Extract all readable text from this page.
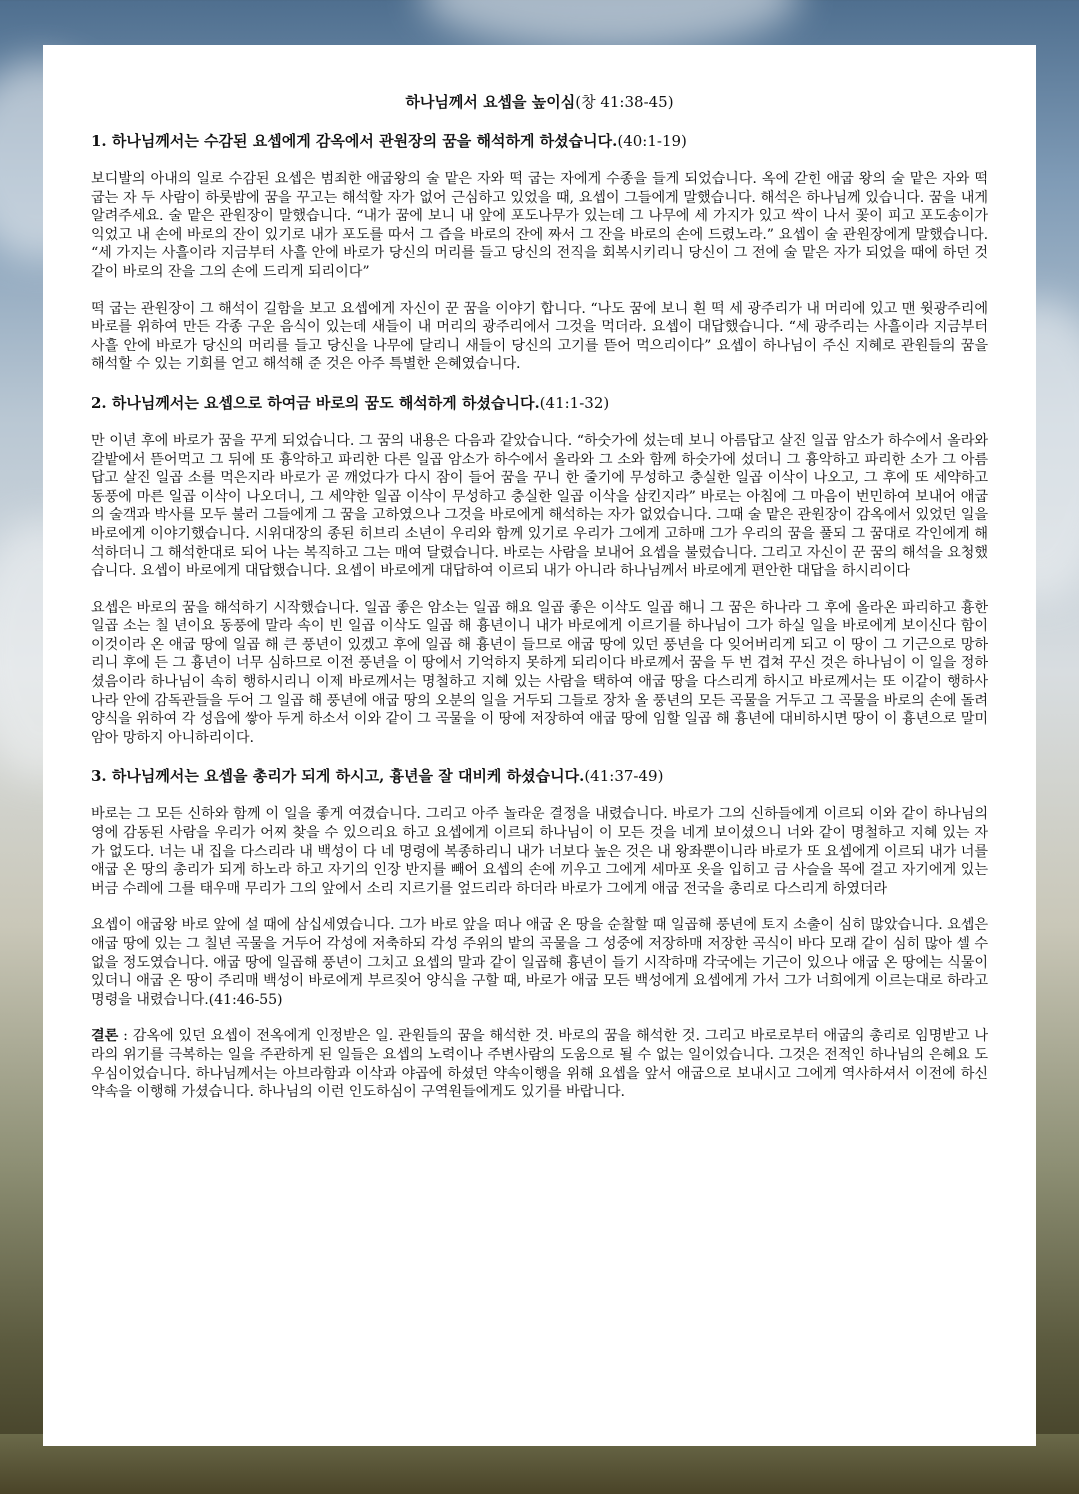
하나님께서 요셉을 높이심(창 41:38-45)
1. 하나님께서는 수감된 요셉에게 감옥에서 관원장의 꿈을 해석하게 하셨습니다.(40:1-19)

보디발의 아내의 일로 수감된 요셉은 범죄한 애굽왕의 술 맡은 자와 떡 굽는 자에게 수종을 들게 되었습니다. 옥에 갇힌 애굽 왕의 술 맡은 자와 떡 굽는 자 두 사람이 하룻밤에 꿈을 꾸고는 해석할 자가 없어 근심하고 있었을 때, 요셉이 그들에게 말했습니다. 해석은 하나님께 있습니다. 꿈을 내게 알려주세요. 술 맡은 관원장이 말했습니다. “내가 꿈에 보니 내 앞에 포도나무가 있는데 그 나무에 세 가지가 있고 싹이 나서 꽃이 피고 포도송이가 익었고 내 손에 바로의 잔이 있기로 내가 포도를 따서 그 즙을 바로의 잔에 짜서 그 잔을 바로의 손에 드렸노라.” 요셉이 술 관원장에게 말했습니다. “세 가지는 사흘이라 지금부터 사흘 안에 바로가 당신의 머리를 들고 당신의 전직을 회복시키리니 당신이 그 전에 술 맡은 자가 되었을 때에 하던 것 같이 바로의 잔을 그의 손에 드리게 되리이다”

떡 굽는 관원장이 그 해석이 길함을 보고 요셉에게 자신이 꾼 꿈을 이야기 합니다. “나도 꿈에 보니 흰 떡 세 광주리가 내 머리에 있고 맨 윗광주리에 바로를 위하여 만든 각종 구운 음식이 있는데 새들이 내 머리의 광주리에서 그것을 먹더라. 요셉이 대답했습니다. “세 광주리는 사흘이라 지금부터 사흘 안에 바로가 당신의 머리를 들고 당신을 나무에 달리니 새들이 당신의 고기를 뜯어 먹으리이다” 요셉이 하나님이 주신 지혜로 관원들의 꿈을 해석할 수 있는 기회를 얻고 해석해 준 것은 아주 특별한 은혜였습니다.

2. 하나님께서는 요셉으로 하여금 바로의 꿈도 해석하게 하셨습니다.(41:1-32)

만 이년 후에 바로가 꿈을 꾸게 되었습니다. 그 꿈의 내용은 다음과 같았습니다. “하숫가에 섰는데 보니 아름답고 살진 일곱 암소가 하수에서 올라와 갈밭에서 뜯어먹고 그 뒤에 또 흉악하고 파리한 다른 일곱 암소가 하수에서 올라와 그 소와 함께 하숫가에 섰더니 그 흉악하고 파리한 소가 그 아름답고 살진 일곱 소를 먹은지라 바로가 곧 깨었다가 다시 잠이 들어 꿈을 꾸니 한 줄기에 무성하고 충실한 일곱 이삭이 나오고, 그 후에 또 세약하고 동풍에 마른 일곱 이삭이 나오더니, 그 세약한 일곱 이삭이 무성하고 충실한 일곱 이삭을 삼킨지라” 바로는 아침에 그 마음이 번민하여 보내어 애굽의 술객과 박사를 모두 불러 그들에게 그 꿈을 고하였으나 그것을 바로에게 해석하는 자가 없었습니다. 그때 술 맡은 관원장이 감옥에서 있었던 일을 바로에게 이야기했습니다. 시위대장의 종된 히브리 소년이 우리와 함께 있기로 우리가 그에게 고하매 그가 우리의 꿈을 풀되 그 꿈대로 각인에게 해석하더니 그 해석한대로 되어 나는 복직하고 그는 매여 달렸습니다. 바로는 사람을 보내어 요셉을 불렀습니다. 그리고 자신이 꾼 꿈의 해석을 요청했습니다. 요셉이 바로에게 대답했습니다. 요셉이 바로에게 대답하여 이르되 내가 아니라 하나님께서 바로에게 편안한 대답을 하시리이다

요셉은 바로의 꿈을 해석하기 시작했습니다. 일곱 좋은 암소는 일곱 해요 일곱 좋은 이삭도 일곱 해니 그 꿈은 하나라 그 후에 올라온 파리하고 흉한 일곱 소는 칠 년이요 동풍에 말라 속이 빈 일곱 이삭도 일곱 해 흉년이니 내가 바로에게 이르기를 하나님이 그가 하실 일을 바로에게 보이신다 함이 이것이라 온 애굽 땅에 일곱 해 큰 풍년이 있겠고 후에 일곱 해 흉년이 들므로 애굽 땅에 있던 풍년을 다 잊어버리게 되고 이 땅이 그 기근으로 망하리니 후에 든 그 흉년이 너무 심하므로 이전 풍년을 이 땅에서 기억하지 못하게 되리이다 바로께서 꿈을 두 번 겹쳐 꾸신 것은 하나님이 이 일을 정하셨음이라 하나님이 속히 행하시리니 이제 바로께서는 명철하고 지혜 있는 사람을 택하여 애굽 땅을 다스리게 하시고 바로께서는 또 이같이 행하사 나라 안에 감독관들을 두어 그 일곱 해 풍년에 애굽 땅의 오분의 일을 거두되 그들로 장차 올 풍년의 모든 곡물을 거두고 그 곡물을 바로의 손에 돌려 양식을 위하여 각 성읍에 쌓아 두게 하소서 이와 같이 그 곡물을 이 땅에 저장하여 애굽 땅에 임할 일곱 해 흉년에 대비하시면 땅이 이 흉년으로 말미암아 망하지 아니하리이다.

3. 하나님께서는 요셉을 총리가 되게 하시고, 흉년을 잘 대비케 하셨습니다.(41:37-49)

바로는 그 모든 신하와 함께 이 일을 좋게 여겼습니다. 그리고 아주 놀라운 결정을 내렸습니다. 바로가 그의 신하들에게 이르되 이와 같이 하나님의 영에 감동된 사람을 우리가 어찌 찾을 수 있으리요 하고 요셉에게 이르되 하나님이 이 모든 것을 네게 보이셨으니 너와 같이 명철하고 지혜 있는 자가 없도다. 너는 내 집을 다스리라 내 백성이 다 네 명령에 복종하리니 내가 너보다 높은 것은 내 왕좌뿐이니라 바로가 또 요셉에게 이르되 내가 너를 애굽 온 땅의 총리가 되게 하노라 하고 자기의 인장 반지를 빼어 요셉의 손에 끼우고 그에게 세마포 옷을 입히고 금 사슬을 목에 걸고 자기에게 있는 버금 수레에 그를 태우매 무리가 그의 앞에서 소리 지르기를 엎드리라 하더라 바로가 그에게 애굽 전국을 총리로 다스리게 하였더라

요셉이 애굽왕 바로 앞에 설 때에 삼십세였습니다. 그가 바로 앞을 떠나 애굽 온 땅을 순찰할 때 일곱해 풍년에 토지 소출이 심히 많았습니다. 요셉은 애굽 땅에 있는 그 칠년 곡물을 거두어 각성에 저축하되 각성 주위의 밭의 곡물을 그 성중에 저장하매 저장한 곡식이 바다 모래 같이 심히 많아 셀 수 없을 정도였습니다. 애굽 땅에 일곱해 풍년이 그치고 요셉의 말과 같이 일곱해 흉년이 들기 시작하매 각국에는 기근이 있으나 애굽 온 땅에는 식물이 있더니 애굽 온 땅이 주리매 백성이 바로에게 부르짖어 양식을 구할 때, 바로가 애굽 모든 백성에게 요셉에게 가서 그가 너희에게 이르는대로 하라고 명령을 내렸습니다.(41:46-55)

결론 : 감옥에 있던 요셉이 전옥에게 인정받은 일. 관원들의 꿈을 해석한 것. 바로의 꿈을 해석한 것. 그리고 바로로부터 애굽의 총리로 임명받고 나라의 위기를 극복하는 일을 주관하게 된 일들은 요셉의 노력이나 주변사람의 도움으로 될 수 없는 일이었습니다. 그것은 전적인 하나님의 은혜요 도우심이었습니다. 하나님께서는 아브라함과 이삭과 야곱에 하셨던 약속이행을 위해 요셉을 앞서 애굽으로 보내시고 그에게 역사하셔서 이전에 하신 약속을 이행해 가셨습니다. 하나님의 이런 인도하심이 구역원들에게도 있기를 바랍니다.
